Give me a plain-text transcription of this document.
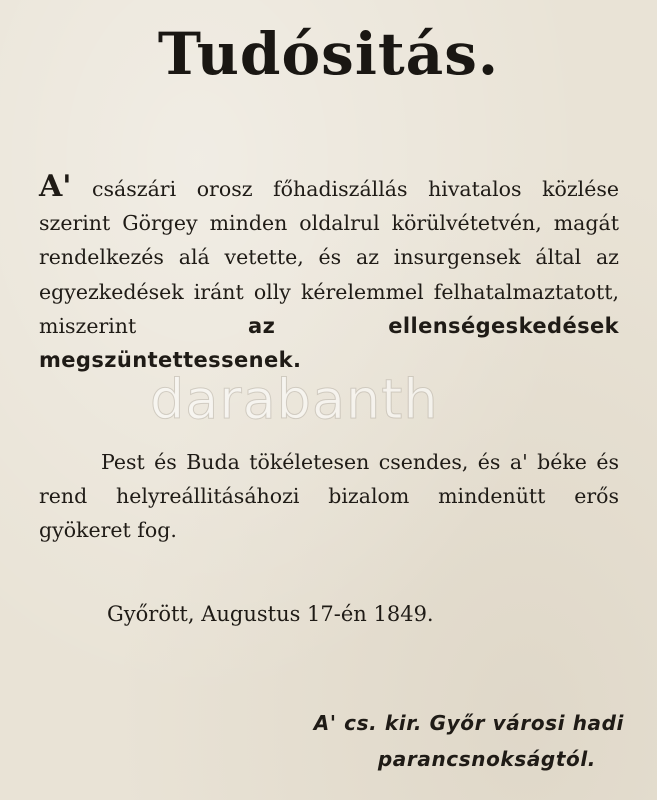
Tudósitás.
A' császári orosz főhadiszállás hivatalos közlése szerint Görgey minden oldalrul körülvétetvén, magát rendelkezés alá vetette, és az insurgensek által az egyezkedések iránt olly kérelemmel felhatalmaztatott, miszerint az ellenségeskedések megszüntettessenek.
darabanth
Pest és Buda tökéletesen csendes, és a' béke és rend helyreállitásáhozi bizalom mindenütt erős gyökeret fog.
Győrött, Augustus 17-én 1849.
A' cs. kir. Győr városi hadi
parancsnokságtól.
